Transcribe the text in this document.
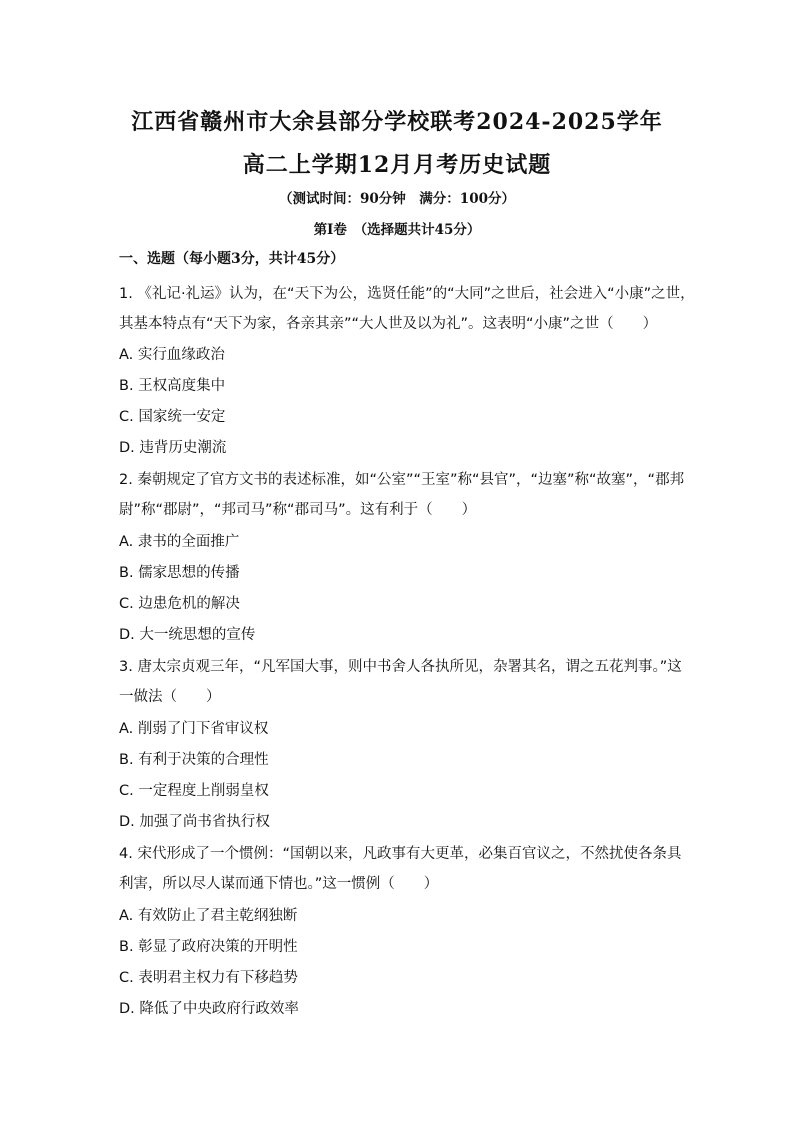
江西省赣州市大余县部分学校联考2024-2025学年
高二上学期12月月考历史试题
（测试时间：90分钟　满分：100分）
第Ⅰ卷　（选择题共计45分）
一、选题（每小题3分，共计45分）
1. 《礼记·礼运》认为，在“天下为公，选贤任能”的“大同”之世后，社会进入“小康”之世，
其基本特点有“天下为家，各亲其亲”“大人世及以为礼”。这表明“小康”之世（　　）
A. 实行血缘政治
B. 王权高度集中
C. 国家统一安定
D. 违背历史潮流
2. 秦朝规定了官方文书的表述标准，如“公室”“王室”称“县官”，“边塞”称“故塞”，“郡邦
尉”称“郡尉”，“邦司马”称“郡司马”。这有利于（　　）
A. 隶书的全面推广
B. 儒家思想的传播
C. 边患危机的解决
D. 大一统思想的宣传
3. 唐太宗贞观三年，“凡军国大事，则中书舍人各执所见，杂署其名，谓之五花判事。”这
一做法（　　）
A. 削弱了门下省审议权
B. 有利于决策的合理性
C. 一定程度上削弱皇权
D. 加强了尚书省执行权
4. 宋代形成了一个惯例：“国朝以来，凡政事有大更革，必集百官议之，不然扰使各条具
利害，所以尽人谋而通下情也。”这一惯例（　　）
A. 有效防止了君主乾纲独断
B. 彰显了政府决策的开明性
C. 表明君主权力有下移趋势
D. 降低了中央政府行政效率
